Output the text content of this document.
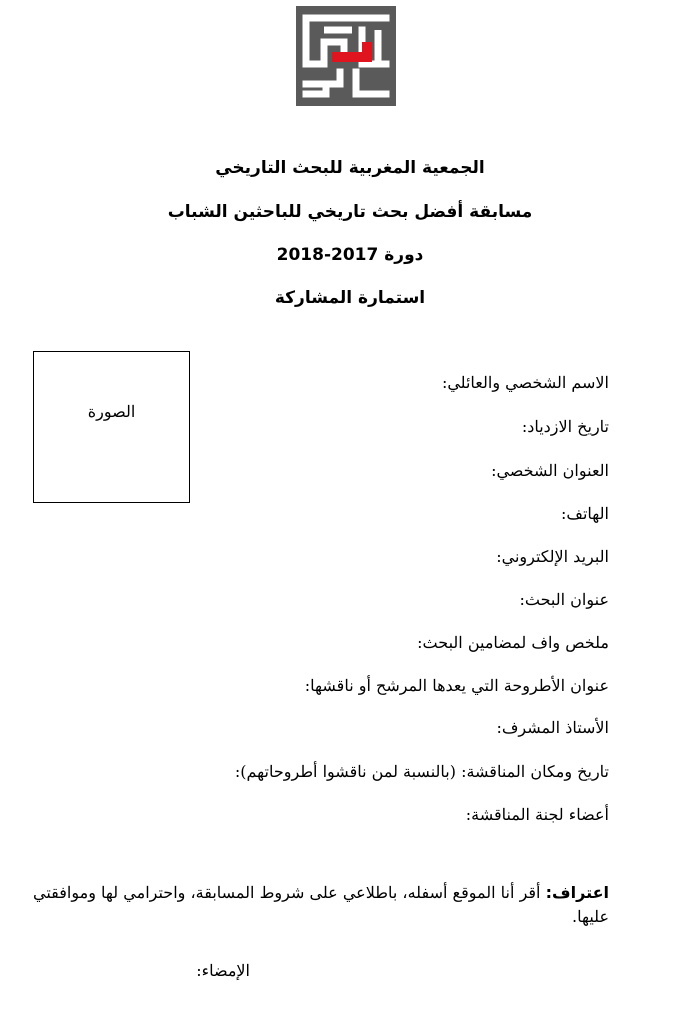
الجمعية المغربية للبحث التاريخي
مسابقة أفضل بحث تاريخي للباحثين الشباب
دورة 2017-2018
استمارة المشاركة
الصورة
الاسم الشخصي والعائلي:
تاريخ الازدياد:
العنوان الشخصي:
الهاتف:
البريد الإلكتروني:
عنوان البحث:
ملخص واف لمضامين البحث:
عنوان الأطروحة التي يعدها المرشح أو ناقشها:
الأستاذ المشرف:
تاريخ ومكان المناقشة: (بالنسبة لمن ناقشوا أطروحاتهم):
أعضاء لجنة المناقشة:
اعتراف: أقر أنا الموقع أسفله، باطلاعي على شروط المسابقة، واحترامي لها وموافقتي عليها.
الإمضاء:
